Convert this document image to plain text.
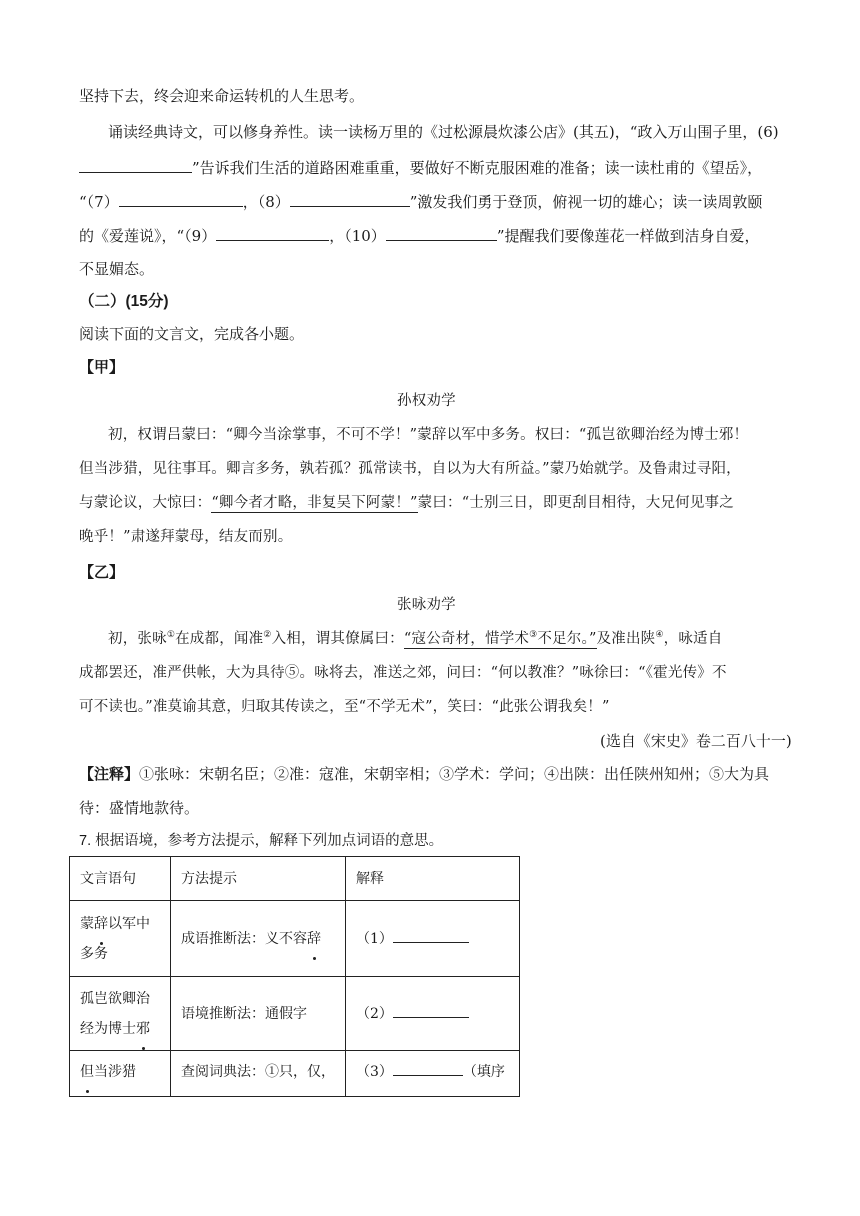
坚持下去，终会迎来命运转机的人生思考。
诵读经典诗文，可以修身养性。读一读杨万里的《过松源晨炊漆公店》(其五)，“政入万山围子里，(6)
”告诉我们生活的道路困难重重，要做好不断克服困难的准备；读一读杜甫的《望岳》，
“（7）	，（8）	”激发我们勇于登顶，俯视一切的雄心；读一读周敦颐
的《爱莲说》，“（9）	，（10）	”提醒我们要像莲花一样做到洁身自爱，
不显媚态。
（二）(15分)
阅读下面的文言文，完成各小题。
【甲】
孙权劝学
初，权谓吕蒙曰：“卿今当涂掌事，不可不学！”蒙辞以军中多务。权曰：“孤岂欲卿治经为博士邪！
但当涉猎，见往事耳。卿言多务，孰若孤？孤常读书，自以为大有所益。”蒙乃始就学。及鲁肃过寻阳，
与蒙论议，大惊曰：“卿今者才略，非复吴下阿蒙！”蒙曰：“士别三日，即更刮目相待，大兄何见事之
晚乎！”肃遂拜蒙母，结友而别。
【乙】
张咏劝学
初，张咏①在成都，闻准②入相，谓其僚属曰：“寇公奇材，惜学术③不足尔。”及准出陕④，咏适自
成都罢还，准严供帐，大为具待⑤。咏将去，准送之郊，问曰：“何以教准？”咏徐曰：“《霍光传》不
可不读也。”准莫谕其意，归取其传读之，至“不学无术”，笑曰：“此张公谓我矣！”
(选自《宋史》卷二百八十一)
【注释】①张咏：宋朝名臣；②准：寇准，宋朝宰相；③学术：学问；④出陕：出任陕州知州；⑤大为具
待：盛情地款待。
7. 根据语境，参考方法提示，解释下列加点词语的意思。
文言语句	方法提示	解释
蒙辞以军中
多务	成语推断法：义不容辞	（1）
孤岂欲卿治
经为博士邪	语境推断法：通假字	（2）
但当涉猎	查阅词典法：①只，仅，	（3） （填序
